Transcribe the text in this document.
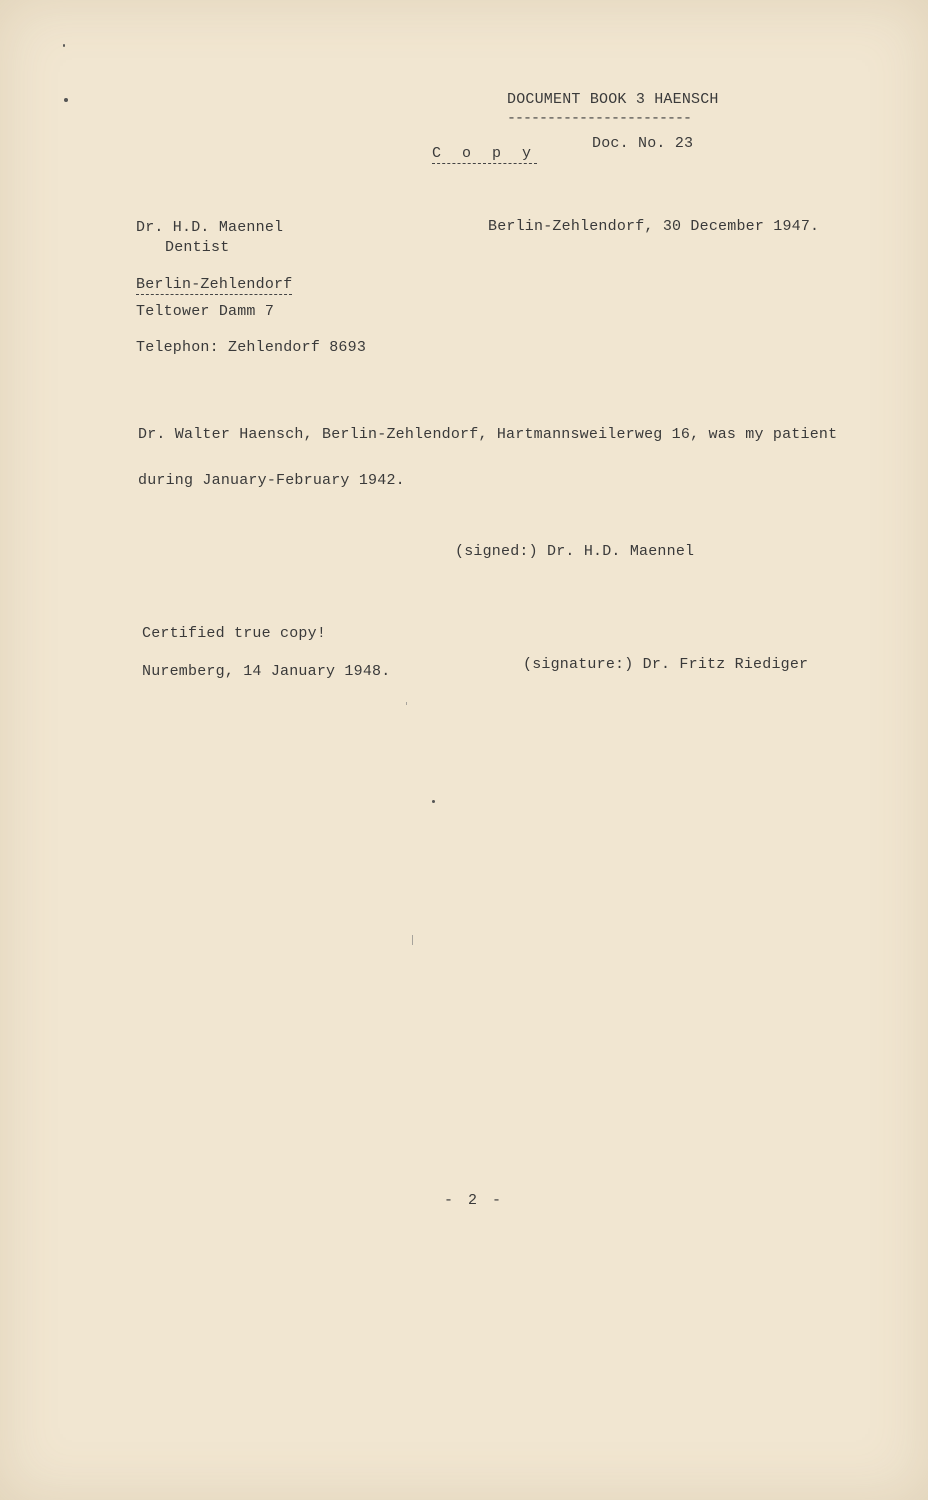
DOCUMENT BOOK 3 HAENSCH
-----------------------
C o p y
Doc. No. 23
Dr. H.D. Maennel
Dentist
Berlin-Zehlendorf, 30 December 1947.
Berlin-Zehlendorf
Teltower Damm 7
Telephon: Zehlendorf 8693
Dr. Walter Haensch, Berlin-Zehlendorf, Hartmannsweilerweg 16, was my patient
during January-February 1942.
(signed:) Dr. H.D. Maennel
Certified true copy!
Nuremberg, 14 January 1948.	(signature:) Dr. Fritz Riediger
- 2 -
